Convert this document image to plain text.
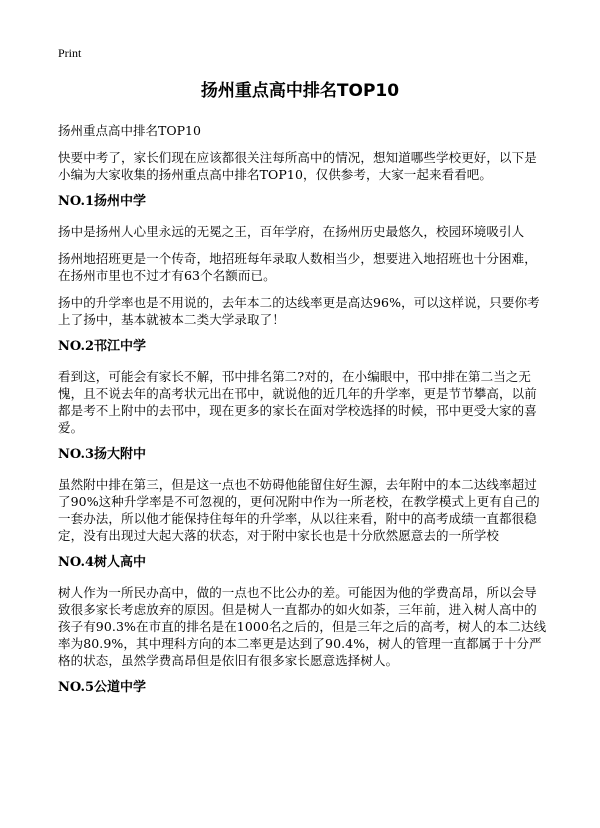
Print
扬州重点高中排名TOP10

扬州重点高中排名TOP10

快要中考了，家长们现在应该都很关注每所高中的情况，想知道哪些学校更好，以下是小编为大家收集的扬州重点高中排名TOP10，仅供参考，大家一起来看看吧。

NO.1扬州中学

扬中是扬州人心里永远的无冕之王，百年学府，在扬州历史最悠久，校园环境吸引人

扬州地招班更是一个传奇，地招班每年录取人数相当少，想要进入地招班也十分困难，在扬州市里也不过才有63个名额而已。

扬中的升学率也是不用说的，去年本二的达线率更是高达96%，可以这样说，只要你考上了扬中，基本就被本二类大学录取了！

NO.2邗江中学

看到这，可能会有家长不解，邗中排名第二?对的，在小编眼中，邗中排在第二当之无愧，且不说去年的高考状元出在邗中，就说他的近几年的升学率，更是节节攀高，以前都是考不上附中的去邗中，现在更多的家长在面对学校选择的时候，邗中更受大家的喜爱。

NO.3扬大附中

虽然附中排在第三，但是这一点也不妨碍他能留住好生源，去年附中的本二达线率超过了90%这种升学率是不可忽视的，更何况附中作为一所老校，在教学模式上更有自己的一套办法，所以他才能保持住每年的升学率，从以往来看，附中的高考成绩一直都很稳定，没有出现过大起大落的状态，对于附中家长也是十分欣然愿意去的一所学校

NO.4树人高中

树人作为一所民办高中，做的一点也不比公办的差。可能因为他的学费高昂，所以会导致很多家长考虑放弃的原因。但是树人一直都办的如火如荼，三年前，进入树人高中的孩子有90.3%在市直的排名是在1000名之后的，但是三年之后的高考，树人的本二达线率为80.9%，其中理科方向的本二率更是达到了90.4%，树人的管理一直都属于十分严格的状态，虽然学费高昂但是依旧有很多家长愿意选择树人。

NO.5公道中学
